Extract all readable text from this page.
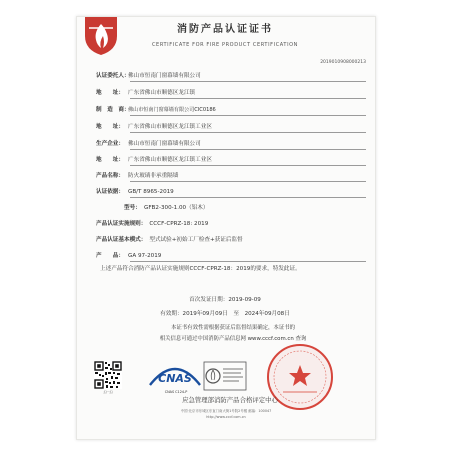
2019010908000213
消防产品认证证书
CERTIFICATE FOR FIRE PRODUCT CERTIFICATION
认证委托人：佛山市恒南门窗幕墙有限公司
地　　址： 广东省佛山市顺德区龙江镇
制　造　商：佛山市恒南门窗幕墙有限公司CIC0186
地　　址： 广东省佛山市顺德区龙江镇工业区
生产企业： 佛山市恒南门窗幕墙有限公司
地　　址： 广东省佛山市顺德区龙江镇工业区
产品名称： 防火玻璃非承重隔墙
认证依据： GB/T 8965-2019
型号： GFB2-300-1.00（铝木）
产品认证实施规则： CCCF-CPRZ-18: 2019
产品认证基本模式： 型式试验+初始工厂检查+获证后监督
产　　品： GA 97-2019
上述产品符合消防产品认证实施规则CCCF-CPRZ-18：2019的要求，特发此证。
首次发证日期：2019-09-09
有效期：2019年09月09日　至　2024年09月08日
本证书有效性需根据获证后监督结果确定，本证书的
相关信息可通过中国消防产品信息网 www.cccf.com.cn 查询
扫一扫
CNAS
CNAS C124-P
应急管理部消防产品合格评定中心
中国·北京市东城区东直门南大街1号院2号楼 邮编：100047
http://www.cccf.com.cn
